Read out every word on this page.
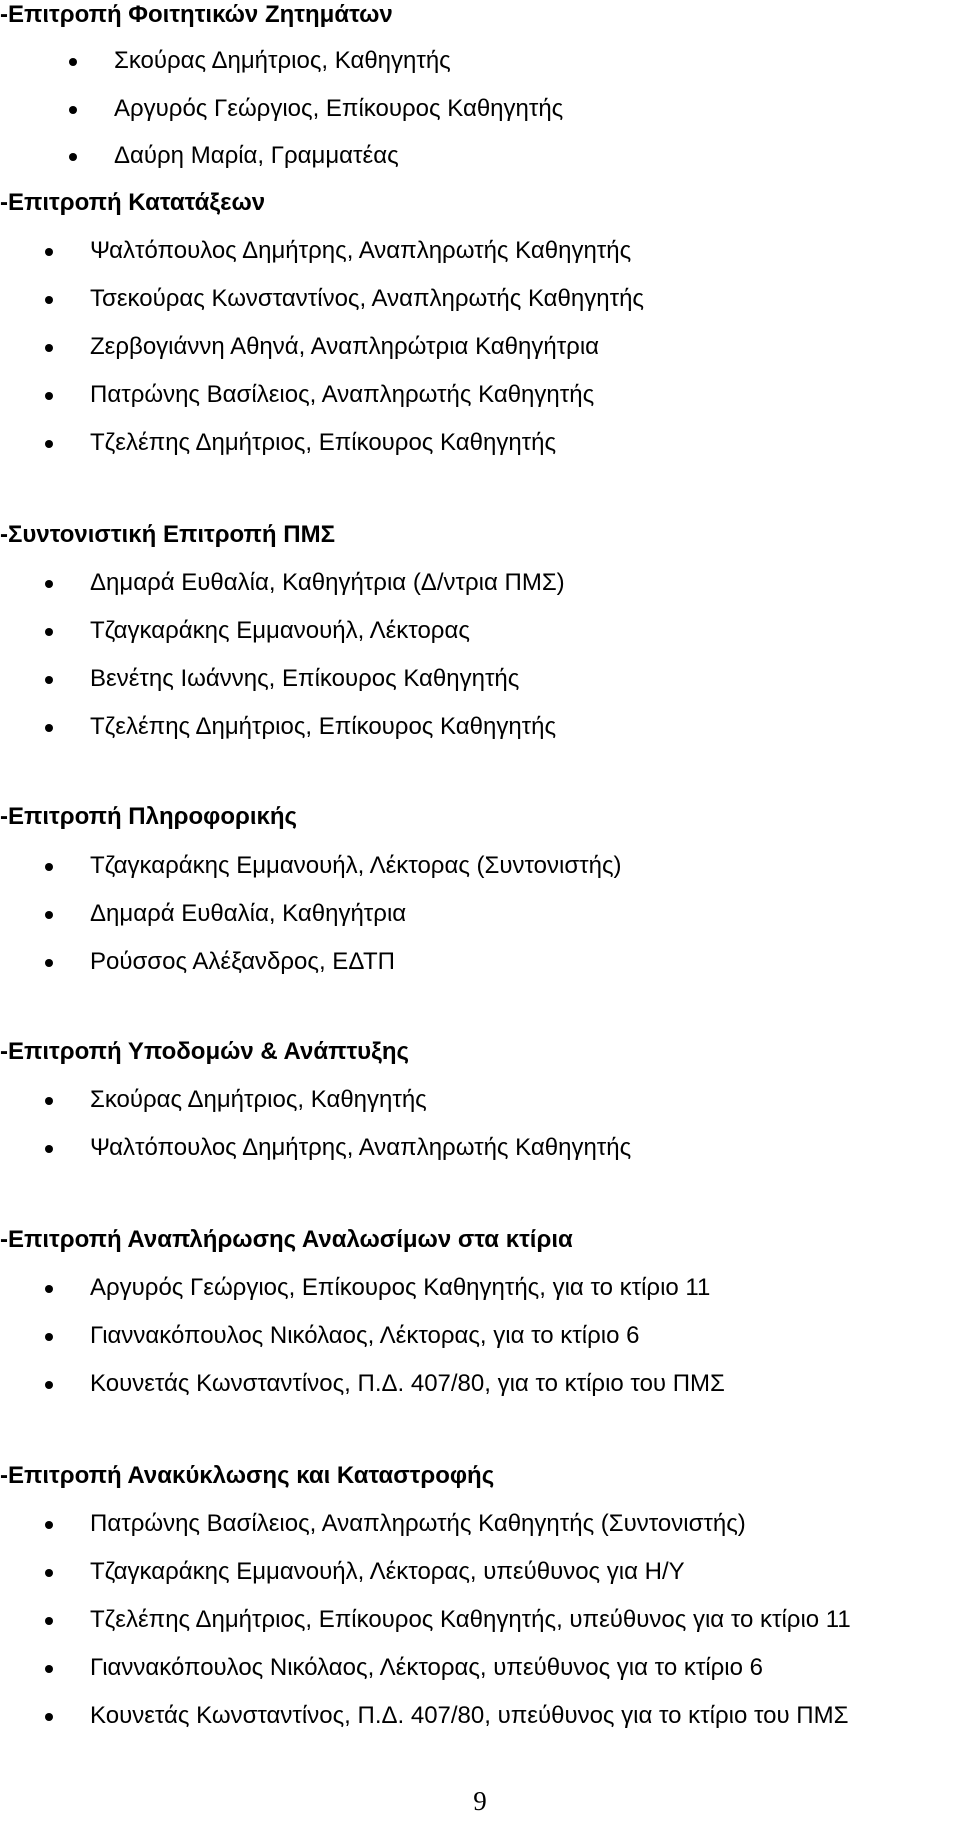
-Επιτροπή Φοιτητικών Ζητημάτων
Σκούρας Δημήτριος, Καθηγητής
Αργυρός Γεώργιος, Επίκουρος Καθηγητής
Δαύρη Μαρία, Γραμματέας
-Επιτροπή Κατατάξεων
Ψαλτόπουλος Δημήτρης, Αναπληρωτής Καθηγητής
Τσεκούρας Κωνσταντίνος, Αναπληρωτής Καθηγητής
Ζερβογιάννη Αθηνά, Αναπληρώτρια Καθηγήτρια
Πατρώνης Βασίλειος, Αναπληρωτής Καθηγητής
Τζελέπης Δημήτριος, Επίκουρος Καθηγητής
-Συντονιστική Επιτροπή ΠΜΣ
Δημαρά Ευθαλία, Καθηγήτρια (Δ/ντρια ΠΜΣ)
Τζαγκαράκης Εμμανουήλ, Λέκτορας
Βενέτης Ιωάννης, Επίκουρος Καθηγητής
Τζελέπης Δημήτριος, Επίκουρος Καθηγητής
-Επιτροπή Πληροφορικής
Τζαγκαράκης Εμμανουήλ, Λέκτορας (Συντονιστής)
Δημαρά Ευθαλία, Καθηγήτρια
Ρούσσος Αλέξανδρος, ΕΔΤΠ
-Επιτροπή Υποδομών & Ανάπτυξης
Σκούρας Δημήτριος, Καθηγητής
Ψαλτόπουλος Δημήτρης, Αναπληρωτής Καθηγητής
-Επιτροπή Αναπλήρωσης Αναλωσίμων στα κτίρια
Αργυρός Γεώργιος, Επίκουρος Καθηγητής, για το κτίριο 11
Γιαννακόπουλος Νικόλαος, Λέκτορας, για το κτίριο 6
Κουνετάς Κωνσταντίνος, Π.Δ. 407/80, για το κτίριο του ΠΜΣ
-Επιτροπή Ανακύκλωσης και Καταστροφής
Πατρώνης Βασίλειος, Αναπληρωτής Καθηγητής (Συντονιστής)
Τζαγκαράκης Εμμανουήλ, Λέκτορας, υπεύθυνος για Η/Υ
Τζελέπης Δημήτριος, Επίκουρος Καθηγητής, υπεύθυνος για το κτίριο 11
Γιαννακόπουλος Νικόλαος, Λέκτορας, υπεύθυνος για το κτίριο 6
Κουνετάς Κωνσταντίνος, Π.Δ. 407/80, υπεύθυνος για το κτίριο του ΠΜΣ
9
